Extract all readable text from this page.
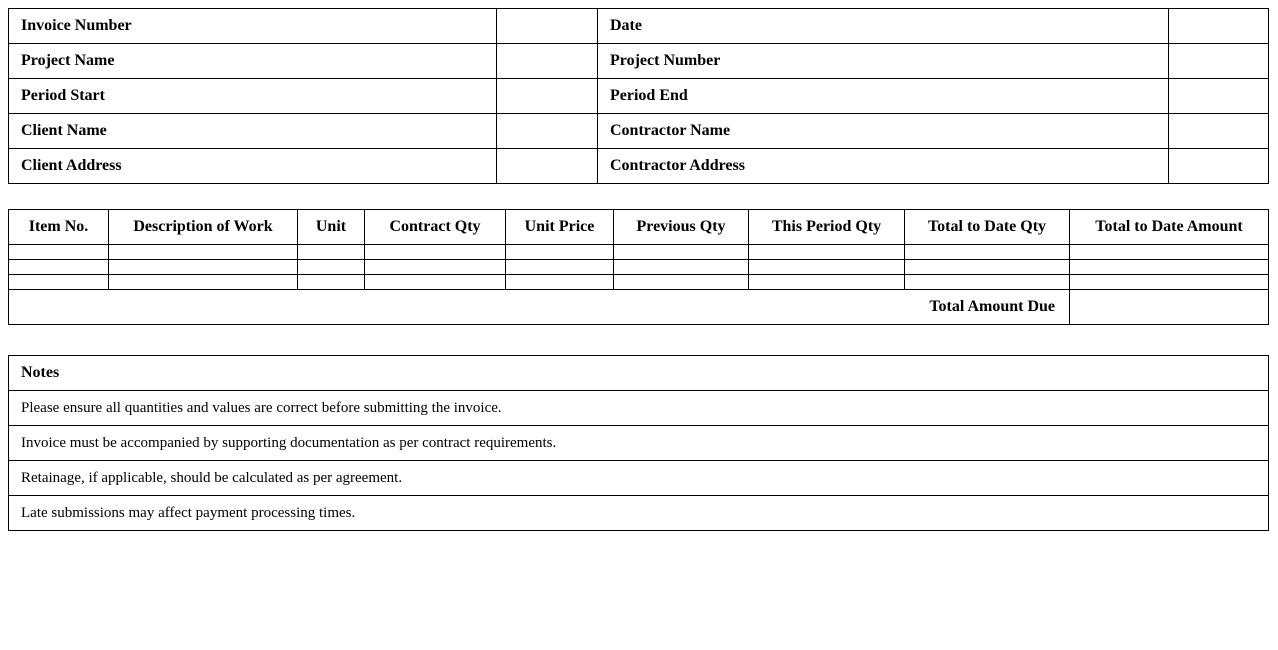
Invoice Number		Date	
Project Name		Project Number	
Period Start		Period End	
Client Name		Contractor Name	
Client Address		Contractor Address	
Item No.	Description of Work	Unit	Contract Qty	Unit Price	Previous Qty	This Period Qty	Total to Date Qty	Total to Date Amount

Total Amount Due								
Notes
Please ensure all quantities and values are correct before submitting the invoice.
Invoice must be accompanied by supporting documentation as per contract requirements.
Retainage, if applicable, should be calculated as per agreement.
Late submissions may affect payment processing times.
